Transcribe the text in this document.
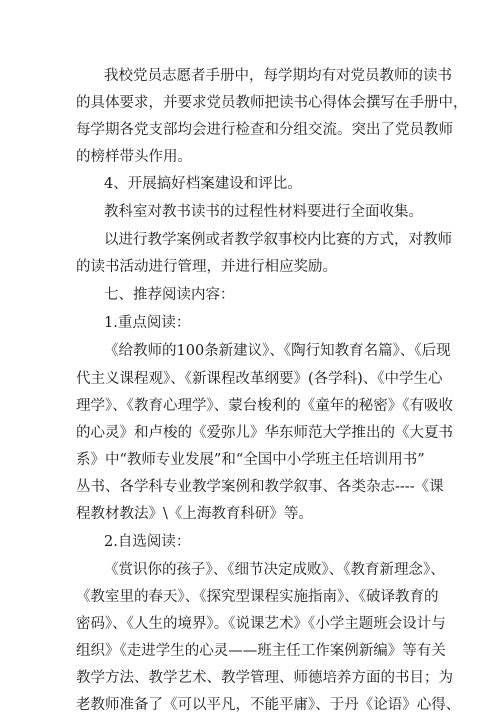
我校党员志愿者手册中，每学期均有对党员教师的读书
的具体要求，并要求党员教师把读书心得体会撰写在手册中，
每学期各党支部均会进行检查和分组交流。突出了党员教师
的榜样带头作用。
4、开展搞好档案建设和评比。
教科室对教书读书的过程性材料要进行全面收集。
以进行教学案例或者教学叙事校内比赛的方式，对教师
的读书活动进行管理，并进行相应奖励。
七、推荐阅读内容：
1.重点阅读：
《给教师的100条新建议》、《陶行知教育名篇》、《后现
代主义课程观》、《新课程改革纲要》(各学科)、《中学生心
理学》、《教育心理学》、蒙台梭利的《童年的秘密》《有吸收
的心灵》和卢梭的《爱弥儿》华东师范大学推出的《大夏书
系》中“教师专业发展”和“全国中小学班主任培训用书”
丛书、各学科专业教学案例和教学叙事、各类杂志----《课
程教材教法》\《上海教育科研》等。
2.自选阅读：
《赏识你的孩子》、《细节决定成败》、《教育新理念》、
《教室里的春天》、《探究型课程实施指南》、《破译教育的
密码》、《人生的境界》。《说课艺术》《小学主题班会设计与
组织》《走进学生的心灵——班主任工作案例新编》等有关
教学方法、教学艺术、教学管理、师德培养方面的书目；为
老教师准备了《可以平凡，不能平庸》、于丹《论语》心得、
